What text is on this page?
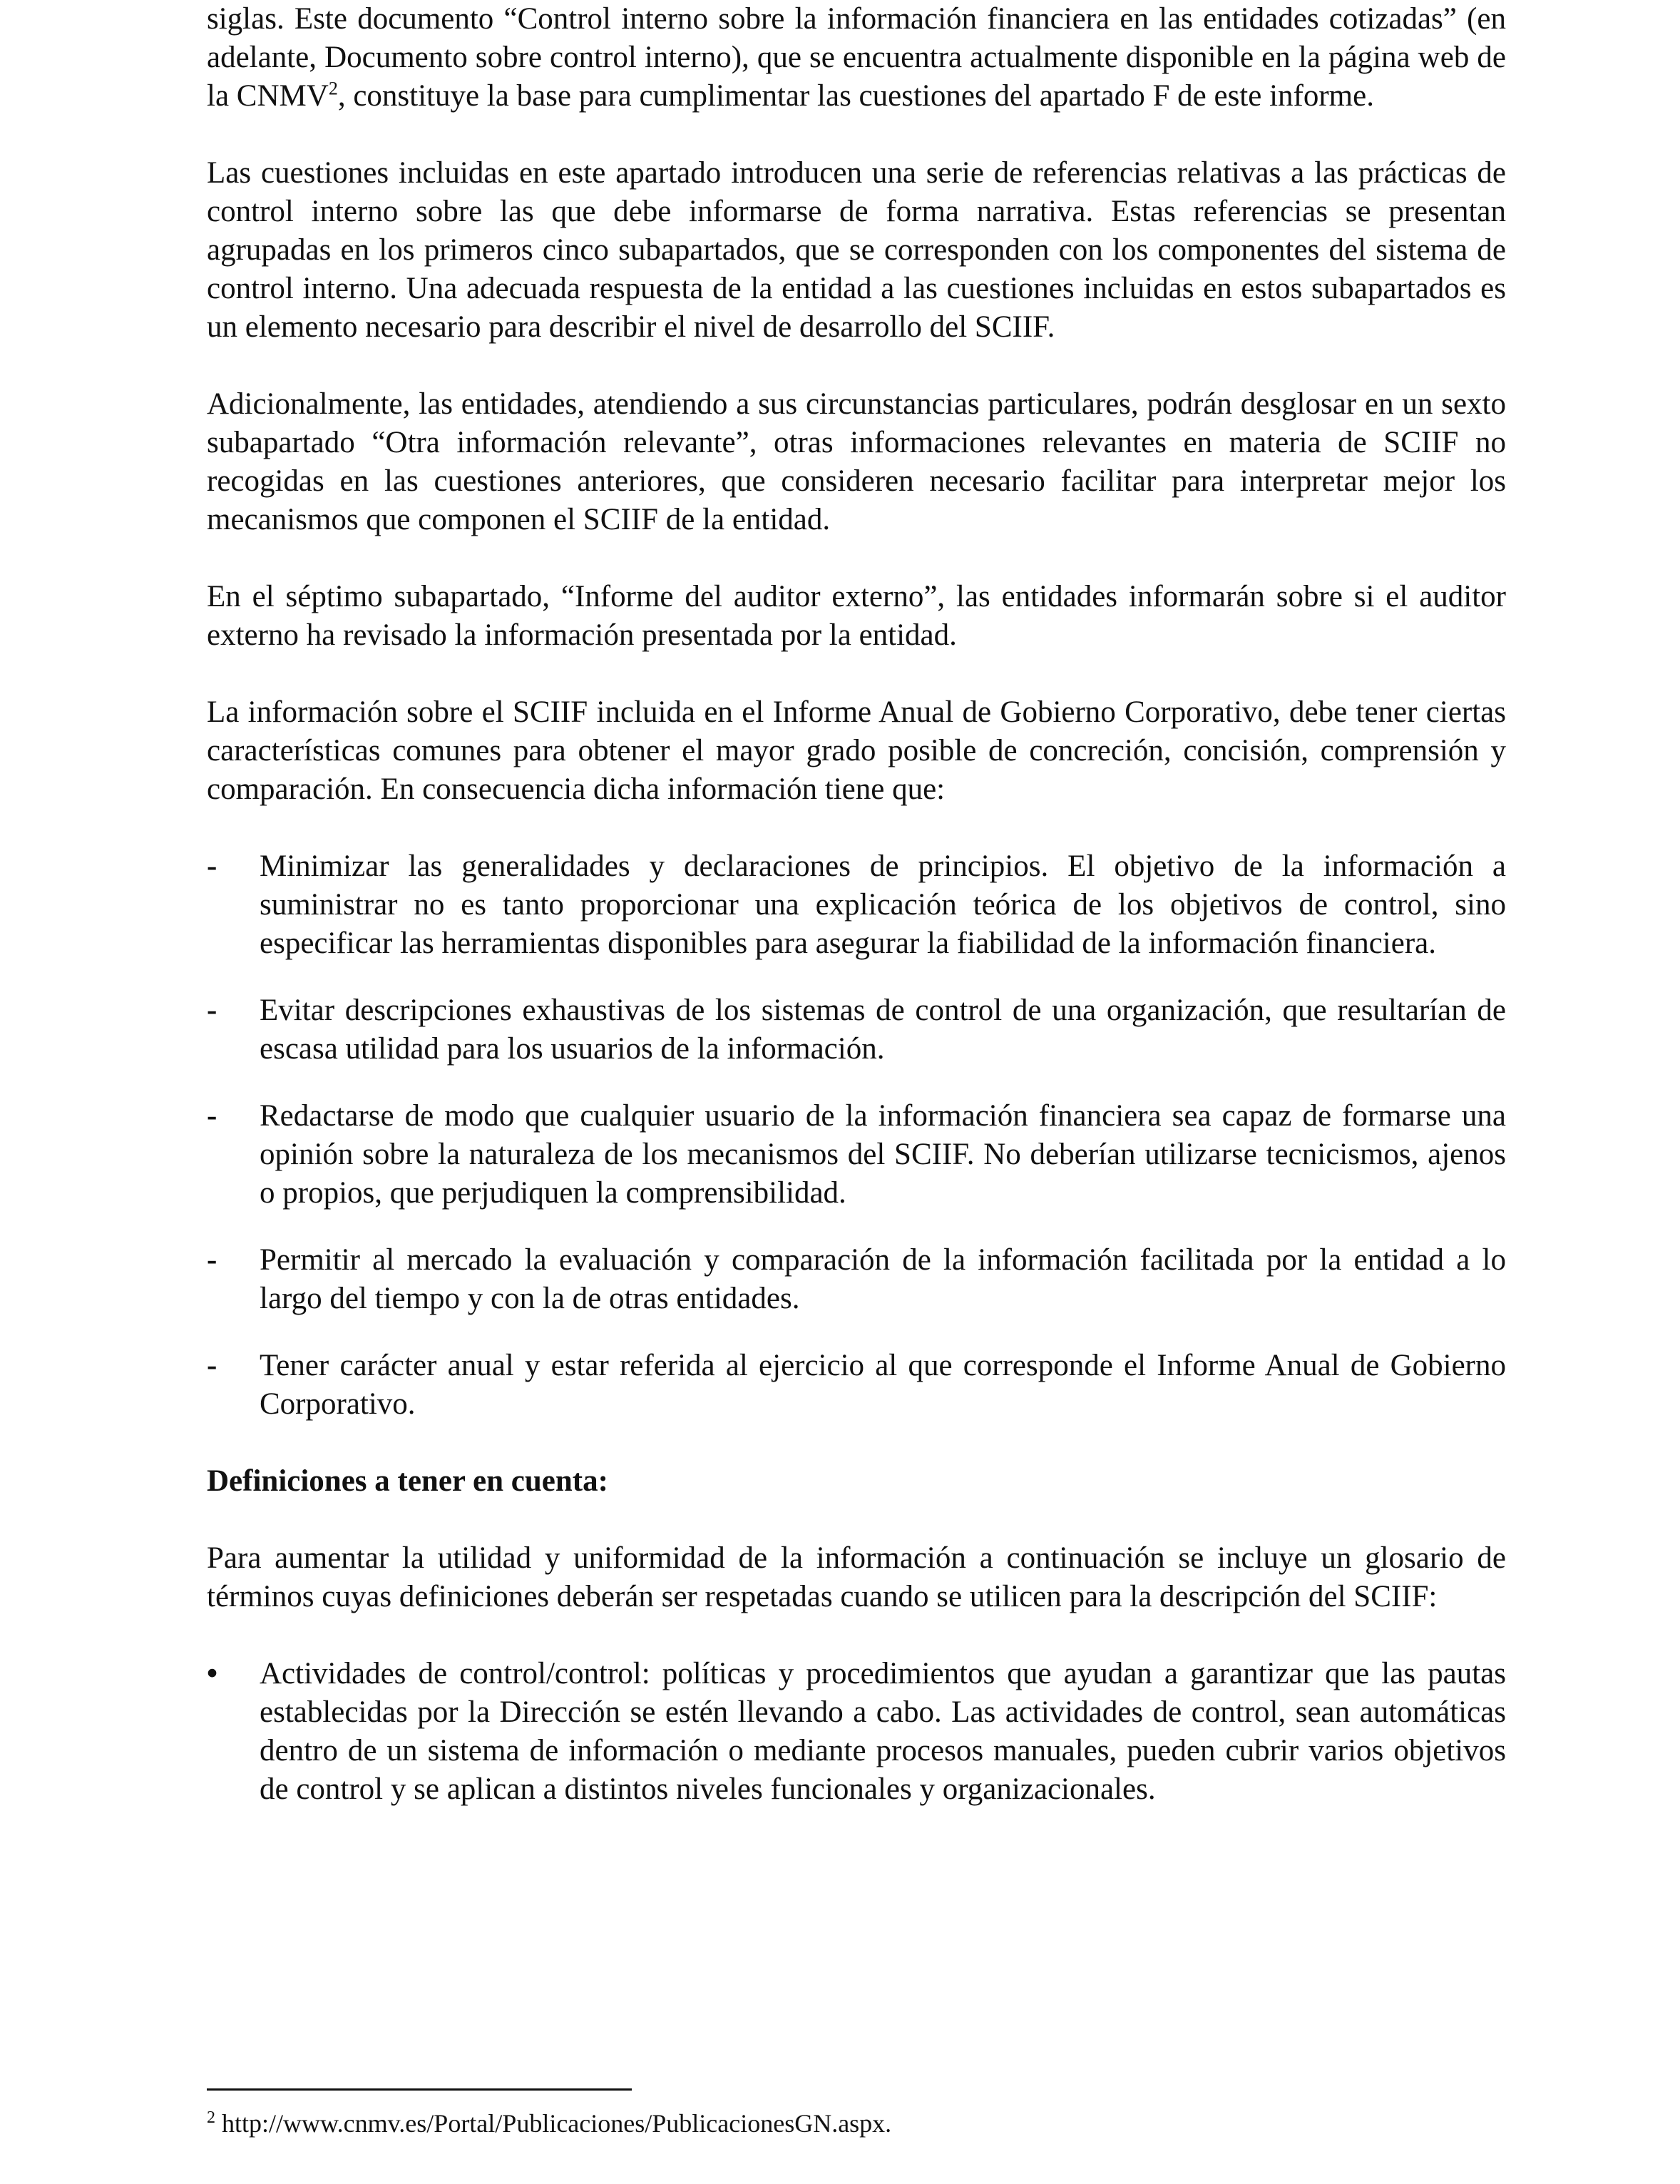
siglas. Este documento “Control interno sobre la información financiera en las entidades cotizadas” (en adelante, Documento sobre control interno), que se encuentra actualmente disponible en la página web de la CNMV$^2$, constituye la base para cumplimentar las cuestiones del apartado F de este informe.

Las cuestiones incluidas en este apartado introducen una serie de referencias relativas a las prácticas de control interno sobre las que debe informarse de forma narrativa. Estas referencias se presentan agrupadas en los primeros cinco subapartados, que se corresponden con los componentes del sistema de control interno. Una adecuada respuesta de la entidad a las cuestiones incluidas en estos subapartados es un elemento necesario para describir el nivel de desarrollo del SCIIF.

Adicionalmente, las entidades, atendiendo a sus circunstancias particulares, podrán desglosar en un sexto subapartado “Otra información relevante”, otras informaciones relevantes en materia de SCIIF no recogidas en las cuestiones anteriores, que consideren necesario facilitar para interpretar mejor los mecanismos que componen el SCIIF de la entidad.

En el séptimo subapartado, “Informe del auditor externo”, las entidades informarán sobre si el auditor externo ha revisado la información presentada por la entidad.

La información sobre el SCIIF incluida en el Informe Anual de Gobierno Corporativo, debe tener ciertas características comunes para obtener el mayor grado posible de concreción, concisión, comprensión y comparación. En consecuencia dicha información tiene que:

- Minimizar las generalidades y declaraciones de principios. El objetivo de la información a suministrar no es tanto proporcionar una explicación teórica de los objetivos de control, sino especificar las herramientas disponibles para asegurar la fiabilidad de la información financiera.

- Evitar descripciones exhaustivas de los sistemas de control de una organización, que resultarían de escasa utilidad para los usuarios de la información.

- Redactarse de modo que cualquier usuario de la información financiera sea capaz de formarse una opinión sobre la naturaleza de los mecanismos del SCIIF. No deberían utilizarse tecnicismos, ajenos o propios, que perjudiquen la comprensibilidad.

- Permitir al mercado la evaluación y comparación de la información facilitada por la entidad a lo largo del tiempo y con la de otras entidades.

- Tener carácter anual y estar referida al ejercicio al que corresponde el Informe Anual de Gobierno Corporativo.

Definiciones a tener en cuenta:

Para aumentar la utilidad y uniformidad de la información a continuación se incluye un glosario de términos cuyas definiciones deberán ser respetadas cuando se utilicen para la descripción del SCIIF:

• Actividades de control/control: políticas y procedimientos que ayudan a garantizar que las pautas establecidas por la Dirección se estén llevando a cabo. Las actividades de control, sean automáticas dentro de un sistema de información o mediante procesos manuales, pueden cubrir varios objetivos de control y se aplican a distintos niveles funcionales y organizacionales.

$^2$ http://www.cnmv.es/Portal/Publicaciones/PublicacionesGN.aspx.
